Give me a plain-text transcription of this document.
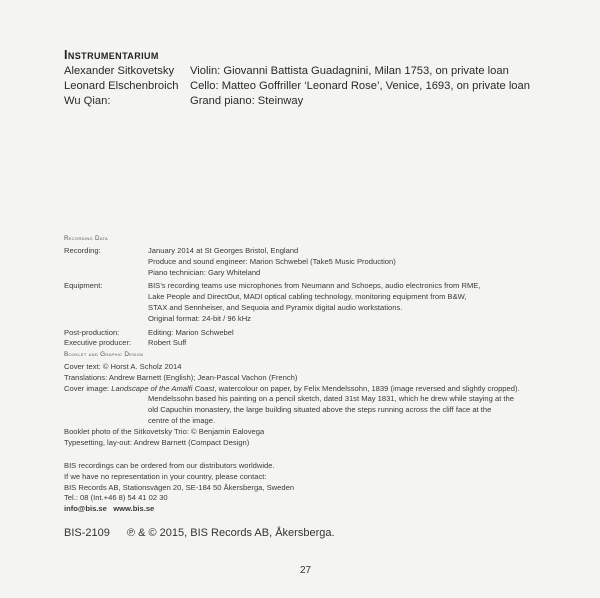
Instrumentarium
Alexander Sitkovetsky	Violin: Giovanni Battista Guadagnini, Milan 1753, on private loan
Leonard Elschenbroich	Cello: Matteo Goffriller ‘Leonard Rose’, Venice, 1693, on private loan
Wu Qian:	Grand piano: Steinway
Recording Data
Recording:	January 2014 at St Georges Bristol, England
Produce and sound engineer: Marion Schwebel (Take5 Music Production)
Piano technician: Gary Whiteland
Equipment:	BIS’s recording teams use microphones from Neumann and Schoeps, audio electronics from RME,
Lake People and DirectOut, MADI optical cabling technology, monitoring equipment from B&W,
STAX and Sennheiser, and Sequoia and Pyramix digital audio workstations.
Original format: 24-bit / 96 kHz
Post-production:	Editing: Marion Schwebel
Executive producer:	Robert Suff
Booklet and Graphic Design
Cover text: © Horst A. Scholz 2014
Translations: Andrew Barnett (English); Jean-Pascal Vachon (French)
Cover image: Landscape of the Amalfi Coast, watercolour on paper, by Felix Mendelssohn, 1839 (image reversed and slightly cropped).
Mendelssohn based his painting on a pencil sketch, dated 31st May 1831, which he drew while staying at the
old Capuchin monastery, the large building situated above the steps running across the cliff face at the
centre of the image.
Booklet photo of the Sitkovetsky Trio: © Benjamin Ealovega
Typesetting, lay-out: Andrew Barnett (Compact Design)
BIS recordings can be ordered from our distributors worldwide.
If we have no representation in your country, please contact:
BIS Records AB, Stationsvägen 20, SE-184 50 Åkersberga, Sweden
Tel.: 08 (Int.+46 8) 54 41 02 30
info@bis.se www.bis.se
BIS-2109 ℗ & © 2015, BIS Records AB, Åkersberga.
27
